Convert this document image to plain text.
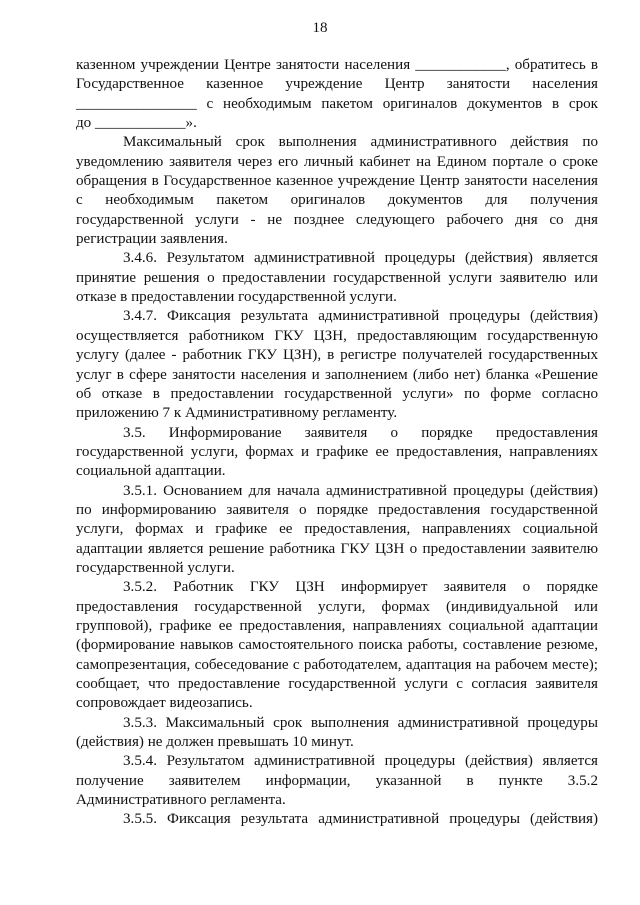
18
казенном учреждении Центре занятости населения ____________, обратитесь в
Государственное казенное учреждение Центр занятости населения
________________ с необходимым пакетом оригиналов документов в срок
до ____________».
Максимальный срок выполнения административного действия по
уведомлению заявителя через его личный кабинет на Едином портале о сроке
обращения в Государственное казенное учреждение Центр занятости населения
с необходимым пакетом оригиналов документов для получения
государственной услуги - не позднее следующего рабочего дня со дня
регистрации заявления.
3.4.6. Результатом административной процедуры (действия) является
принятие решения о предоставлении государственной услуги заявителю или
отказе в предоставлении государственной услуги.
3.4.7. Фиксация результата административной процедуры (действия)
осуществляется работником ГКУ ЦЗН, предоставляющим государственную
услугу (далее - работник ГКУ ЦЗН), в регистре получателей государственных
услуг в сфере занятости населения и заполнением (либо нет) бланка «Решение
об отказе в предоставлении государственной услуги» по форме согласно
приложению 7 к Административному регламенту.
3.5. Информирование заявителя о порядке предоставления
государственной услуги, формах и графике ее предоставления, направлениях
социальной адаптации.
3.5.1. Основанием для начала административной процедуры (действия)
по информированию заявителя о порядке предоставления государственной
услуги, формах и графике ее предоставления, направлениях социальной
адаптации является решение работника ГКУ ЦЗН о предоставлении заявителю
государственной услуги.
3.5.2. Работник ГКУ ЦЗН информирует заявителя о порядке
предоставления государственной услуги, формах (индивидуальной или
групповой), графике ее предоставления, направлениях социальной адаптации
(формирование навыков самостоятельного поиска работы, составление резюме,
самопрезентация, собеседование с работодателем, адаптация на рабочем месте);
сообщает, что предоставление государственной услуги с согласия заявителя
сопровождает видеозапись.
3.5.3. Максимальный срок выполнения административной процедуры
(действия) не должен превышать 10 минут.
3.5.4. Результатом административной процедуры (действия) является
получение заявителем информации, указанной в пункте 3.5.2
Административного регламента.
3.5.5. Фиксация результата административной процедуры (действия)
